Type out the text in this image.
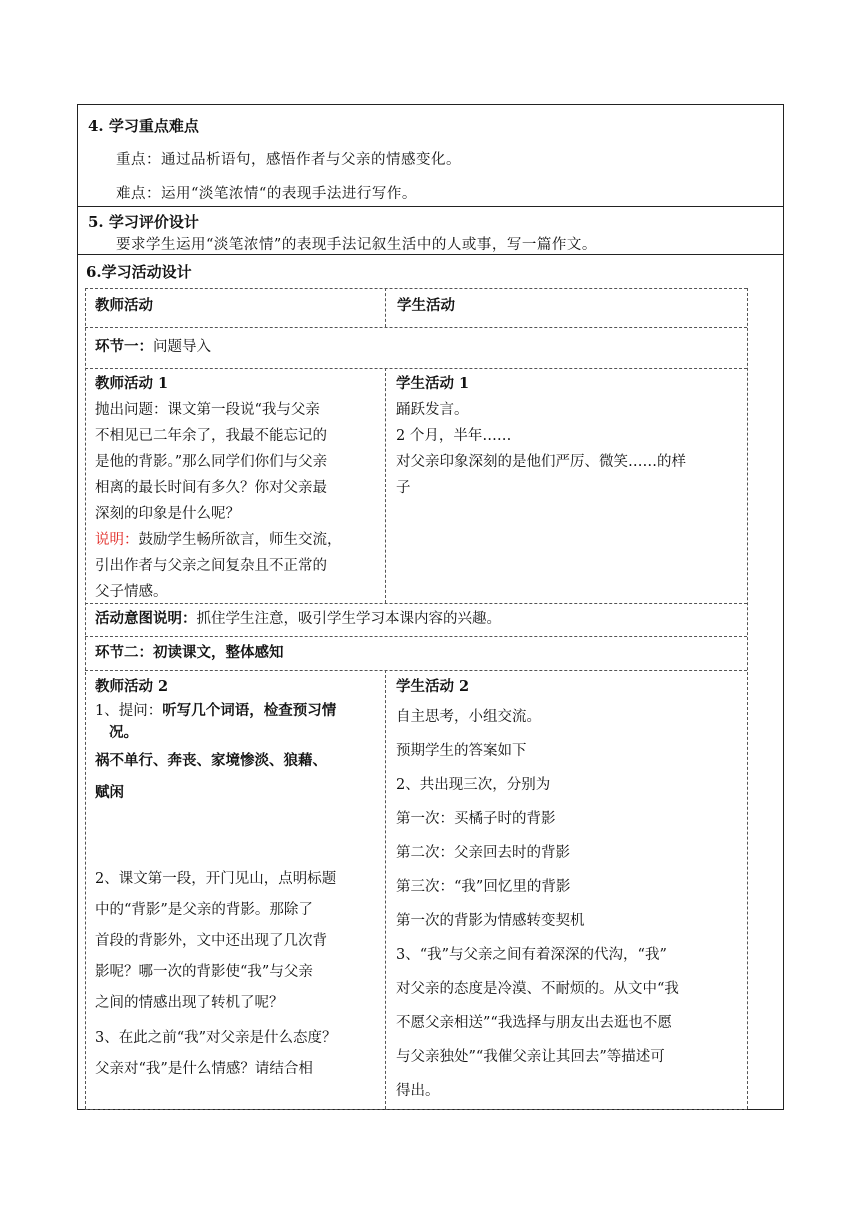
4. 学习重点难点
重点：通过品析语句，感悟作者与父亲的情感变化。
难点：运用“淡笔浓情“的表现手法进行写作。
5. 学习评价设计
要求学生运用“淡笔浓情”的表现手法记叙生活中的人或事，写一篇作文。
6.学习活动设计
教师活动	学生活动
环节一：问题导入
教师活动 1
抛出问题：课文第一段说“我与父亲
不相见已二年余了，我最不能忘记的
是他的背影。”那么同学们你们与父亲
相离的最长时间有多久？你对父亲最
深刻的印象是什么呢？
说明：鼓励学生畅所欲言，师生交流，
引出作者与父亲之间复杂且不正常的
父子情感。
学生活动 1
踊跃发言。
2 个月，半年……
对父亲印象深刻的是他们严厉、微笑……的样
子
活动意图说明：抓住学生注意，吸引学生学习本课内容的兴趣。
环节二：初读课文，整体感知
教师活动 2
1、提问：听写几个词语，检查预习情
况。
祸不单行、奔丧、家境惨淡、狼藉、
赋闲
2、课文第一段，开门见山，点明标题
中的“背影”是父亲的背影。那除了
首段的背影外，文中还出现了几次背
影呢？哪一次的背影使“我”与父亲
之间的情感出现了转机了呢？
3、在此之前“我”对父亲是什么态度？
父亲对“我”是什么情感？请结合相
学生活动 2
自主思考，小组交流。
预期学生的答案如下
2、共出现三次，分别为
第一次：买橘子时的背影
第二次：父亲回去时的背影
第三次：“我”回忆里的背影
第一次的背影为情感转变契机
3、“我”与父亲之间有着深深的代沟，“我”
对父亲的态度是冷漠、不耐烦的。从文中“我
不愿父亲相送”“我选择与朋友出去逛也不愿
与父亲独处”“我催父亲让其回去”等描述可
得出。
